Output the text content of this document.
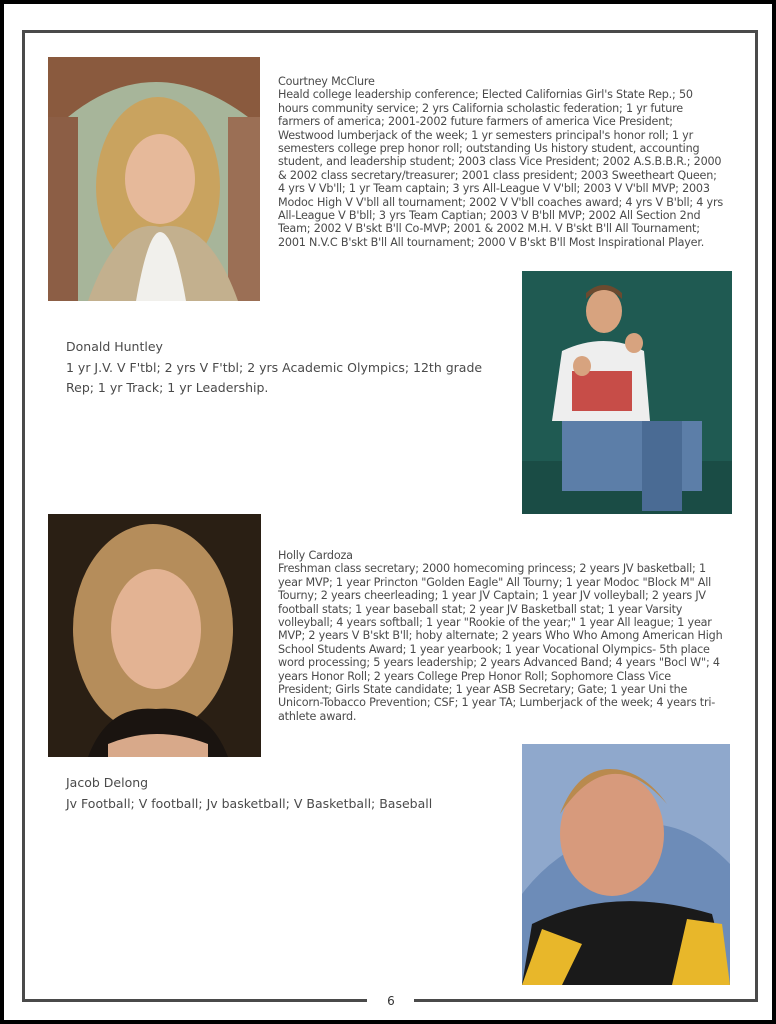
6
Courtney McClure
Heald college leadership conference; Elected Californias Girl's State Rep.; 50 hours community service; 2 yrs California scholastic federation; 1 yr future farmers of america; 2001-2002 future farmers of america Vice President; Westwood lumberjack of the week; 1 yr semesters principal's honor roll; 1 yr semesters college prep honor roll; outstanding Us history student, accounting student, and leadership student; 2003 class Vice President; 2002 A.S.B.B.R.; 2000 & 2002 class secretary/treasurer; 2001 class president; 2003 Sweetheart Queen; 4 yrs V Vb'll; 1 yr Team captain; 3 yrs All-League V V'bll; 2003 V V'bll MVP; 2003 Modoc High V V'bll all tournament; 2002 V V'bll coaches award; 4 yrs V B'bll; 4 yrs All-League V B'bll; 3 yrs Team Captian; 2003 V B'bll MVP; 2002 All Section 2nd Team; 2002 V B'skt B'll Co-MVP; 2001 & 2002 M.H. V B'skt B'll All Tournament; 2001 N.V.C B'skt B'll All tournament; 2000 V B'skt B'll Most Inspirational Player.
Donald Huntley
1 yr J.V. V F'tbl; 2 yrs V F'tbl; 2 yrs Academic Olympics; 12th grade Rep; 1 yr Track; 1 yr Leadership.
Holly Cardoza
Freshman class secretary; 2000 homecoming princess; 2 years JV basketball; 1 year MVP; 1 year Princton "Golden Eagle" All Tourny; 1 year Modoc "Block M" All Tourny; 2 years cheerleading; 1 year JV Captain; 1 year JV volleyball; 2 years JV football stats; 1 year baseball stat; 2 year JV Basketball stat; 1 year Varsity volleyball; 4 years softball; 1 year "Rookie of the year;" 1 year All league; 1 year MVP; 2 years V B'skt B'll; hoby alternate; 2 years Who Who Among American High School Students Award; 1 year yearbook; 1 year Vocational Olympics- 5th place word processing; 5 years leadership; 2 years Advanced Band; 4 years "Bocl W"; 4 years Honor Roll; 2 years College Prep Honor Roll; Sophomore Class Vice President; Girls State candidate; 1 year ASB Secretary; Gate; 1 year Uni the Unicorn-Tobacco Prevention; CSF; 1 year TA; Lumberjack of the week; 4 years tri-athlete award.
Jacob Delong
Jv Football; V football; Jv basketball; V Basketball; Baseball
